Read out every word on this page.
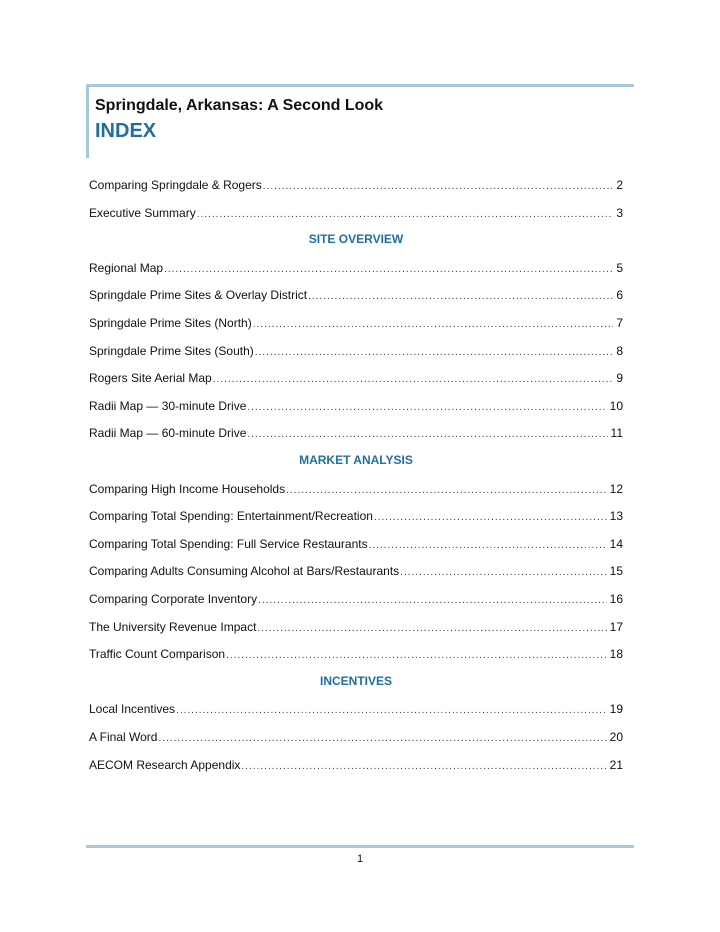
Springdale, Arkansas: A Second Look
INDEX
Comparing Springdale & Rogers .....	2
Executive Summary .....	3
SITE OVERVIEW
Regional Map .....	5
Springdale Prime Sites & Overlay District .....	6
Springdale Prime Sites (North) .....	7
Springdale Prime Sites (South) .....	8
Rogers Site Aerial Map .....	9
Radii Map — 30-minute Drive .....	10
Radii Map — 60-minute Drive .....	11
MARKET ANALYSIS
Comparing High Income Households .....	12
Comparing Total Spending: Entertainment/Recreation .....	13
Comparing Total Spending: Full Service Restaurants .....	14
Comparing Adults Consuming Alcohol at Bars/Restaurants .....	15
Comparing Corporate Inventory .....	16
The University Revenue Impact .....	17
Traffic Count Comparison .....	18
INCENTIVES
Local Incentives .....	19
A Final Word .....	20
AECOM Research Appendix .....	21
1
